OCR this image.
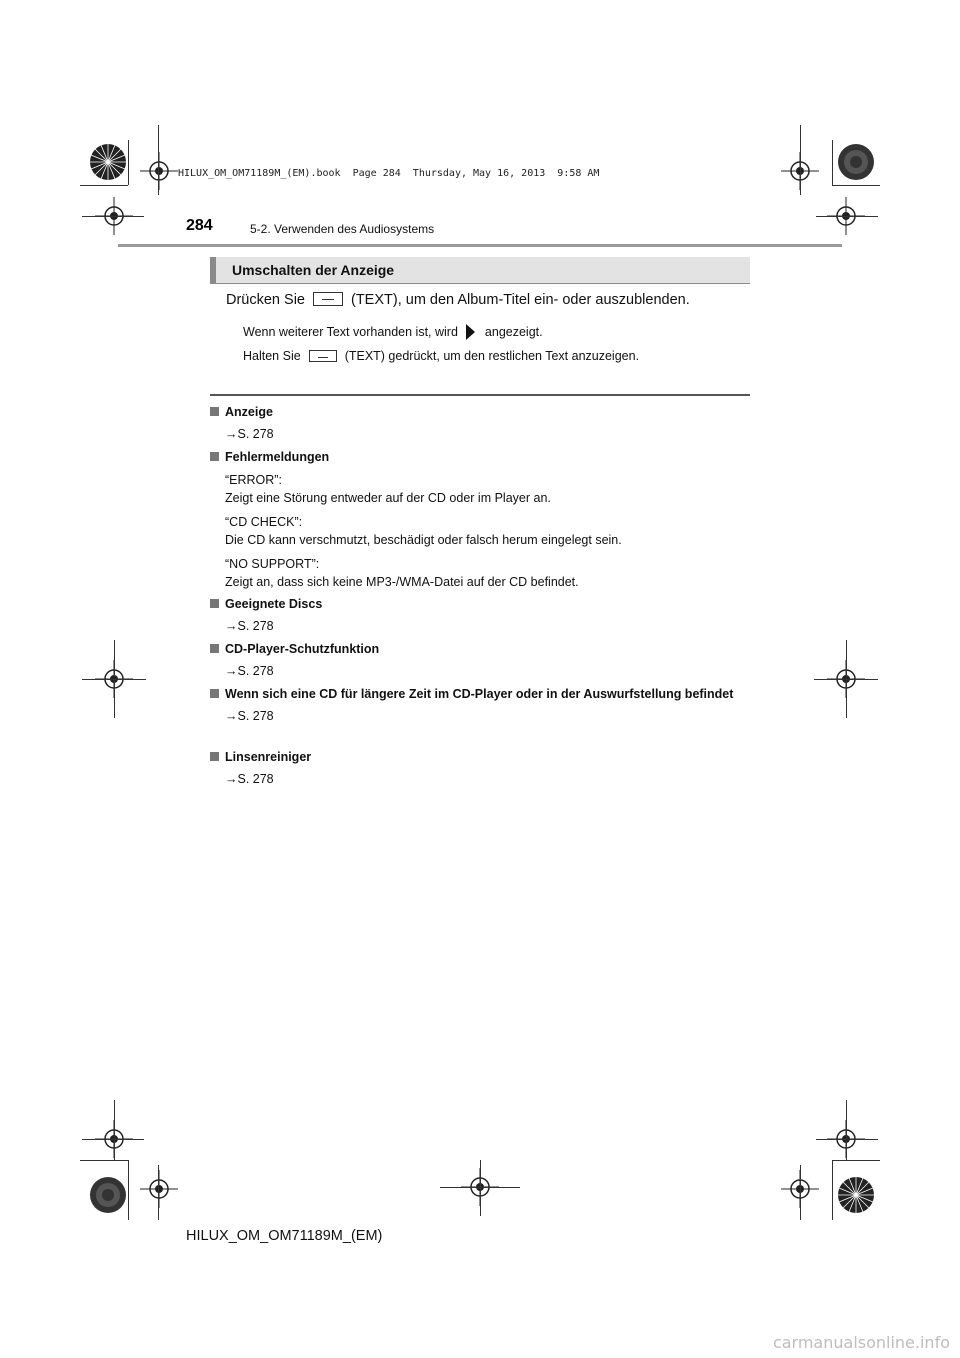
HILUX_OM_OM71189M_(EM).book  Page 284  Thursday, May 16, 2013  9:58 AM
284	5-2. Verwenden des Audiosystems
Umschalten der Anzeige
Drücken Sie	(TEXT), um den Album-Titel ein- oder auszublenden.
Wenn weiterer Text vorhanden ist, wird angezeigt.
Halten Sie	(TEXT) gedrückt, um den restlichen Text anzuzeigen.
Anzeige
→S. 278
Fehlermeldungen
“ERROR”:
Zeigt eine Störung entweder auf der CD oder im Player an.
“CD CHECK”:
Die CD kann verschmutzt, beschädigt oder falsch herum eingelegt sein.
“NO SUPPORT”:
Zeigt an, dass sich keine MP3-/WMA-Datei auf der CD befindet.
Geeignete Discs
→S. 278
CD-Player-Schutzfunktion
→S. 278
Wenn sich eine CD für längere Zeit im CD-Player oder in der Auswurfstellung befindet
→S. 278
Linsenreiniger
→S. 278
HILUX_OM_OM71189M_(EM)
carmanualsonline.info
